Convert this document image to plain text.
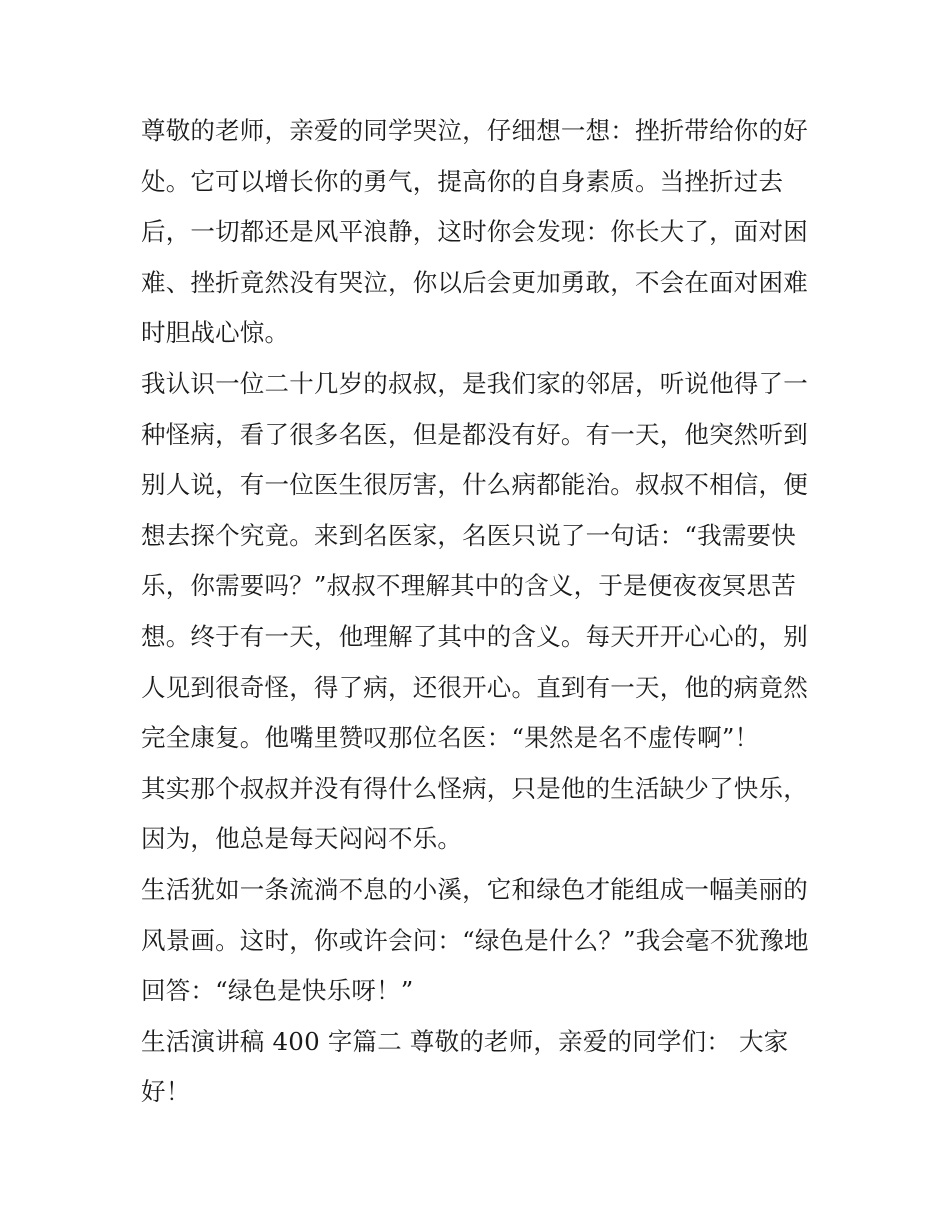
尊敬的老师，亲爱的同学哭泣，仔细想一想：挫折带给你的好
处。它可以增长你的勇气，提高你的自身素质。当挫折过去
后，一切都还是风平浪静，这时你会发现：你长大了，面对困
难、挫折竟然没有哭泣，你以后会更加勇敢，不会在面对困难
时胆战心惊。
我认识一位二十几岁的叔叔，是我们家的邻居，听说他得了一
种怪病，看了很多名医，但是都没有好。有一天，他突然听到
别人说，有一位医生很厉害，什么病都能治。叔叔不相信，便
想去探个究竟。来到名医家，名医只说了一句话：“我需要快
乐，你需要吗？”叔叔不理解其中的含义，于是便夜夜冥思苦
想。终于有一天，他理解了其中的含义。每天开开心心的，别
人见到很奇怪，得了病，还很开心。直到有一天，他的病竟然
完全康复。他嘴里赞叹那位名医：“果然是名不虚传啊”！
其实那个叔叔并没有得什么怪病，只是他的生活缺少了快乐，
因为，他总是每天闷闷不乐。
生活犹如一条流淌不息的小溪，它和绿色才能组成一幅美丽的
风景画。这时，你或许会问：“绿色是什么？”我会毫不犹豫地
回答：“绿色是快乐呀！”
生活演讲稿 400 字篇二 尊敬的老师，亲爱的同学们： 大家
好！
